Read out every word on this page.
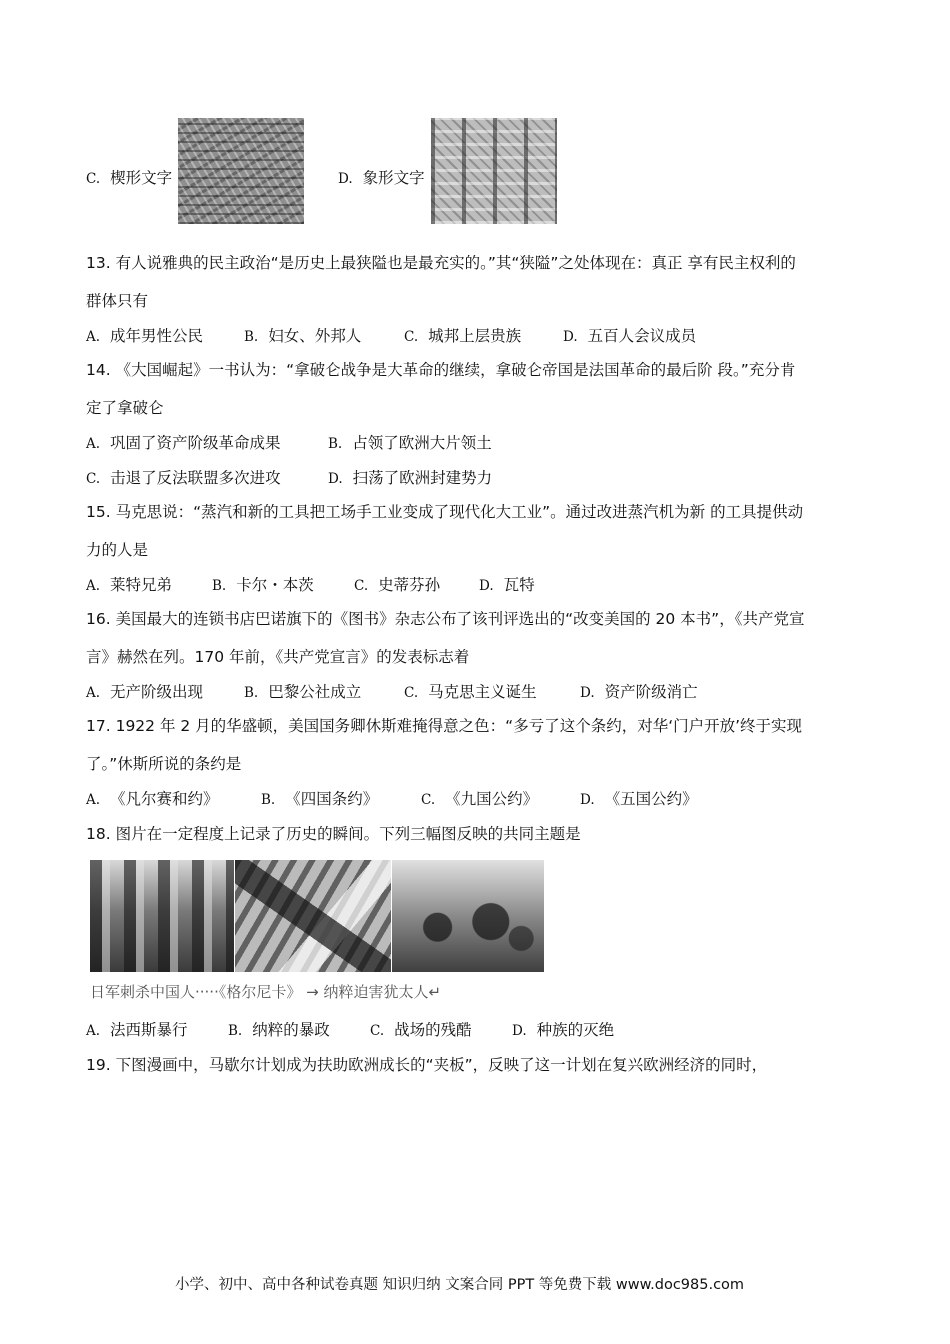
C. 楔形文字	D. 象形文字
13. 有人说雅典的民主政治“是历史上最狭隘也是最充实的。”其“狭隘”之处体现在：真正 享有民主权利的
群体只有
A. 成年男性公民	B. 妇女、外邦人	C. 城邦上层贵族	D. 五百人会议成员
14. 《大国崛起》一书认为：“拿破仑战争是大革命的继续，拿破仑帝国是法国革命的最后阶 段。”充分肯
定了拿破仑
A. 巩固了资产阶级革命成果	B. 占领了欧洲大片领土
C. 击退了反法联盟多次进攻	D. 扫荡了欧洲封建势力
15. 马克思说：“蒸汽和新的工具把工场手工业变成了现代化大工业”。通过改进蒸汽机为新 的工具提供动
力的人是
A. 莱特兄弟	B. 卡尔・本茨	C. 史蒂芬孙	D. 瓦特
16. 美国最大的连锁书店巴诺旗下的《图书》杂志公布了该刊评选出的“改变美国的 20 本书”，《共产党宣
言》赫然在列。170 年前，《共产党宣言》的发表标志着
A. 无产阶级出现	B. 巴黎公社成立	C. 马克思主义诞生	D. 资产阶级消亡
17. 1922 年 2 月的华盛顿，美国国务卿休斯难掩得意之色：“多亏了这个条约，对华‘门户开放’终于实现
了。”休斯所说的条约是
A. 《凡尔赛和约》	B. 《四国条约》	C. 《九国公约》	D. 《五国公约》
18. 图片在一定程度上记录了历史的瞬间。下列三幅图反映的共同主题是
日军刺杀中国人·····《格尔尼卡》 → 纳粹迫害犹太人↵
A. 法西斯暴行	B. 纳粹的暴政	C. 战场的残酷	D. 种族的灭绝
19. 下图漫画中，马歇尔计划成为扶助欧洲成长的“夹板”，反映了这一计划在复兴欧洲经济的同时，
小学、初中、高中各种试卷真题 知识归纳 文案合同 PPT 等免费下载 www.doc985.com
